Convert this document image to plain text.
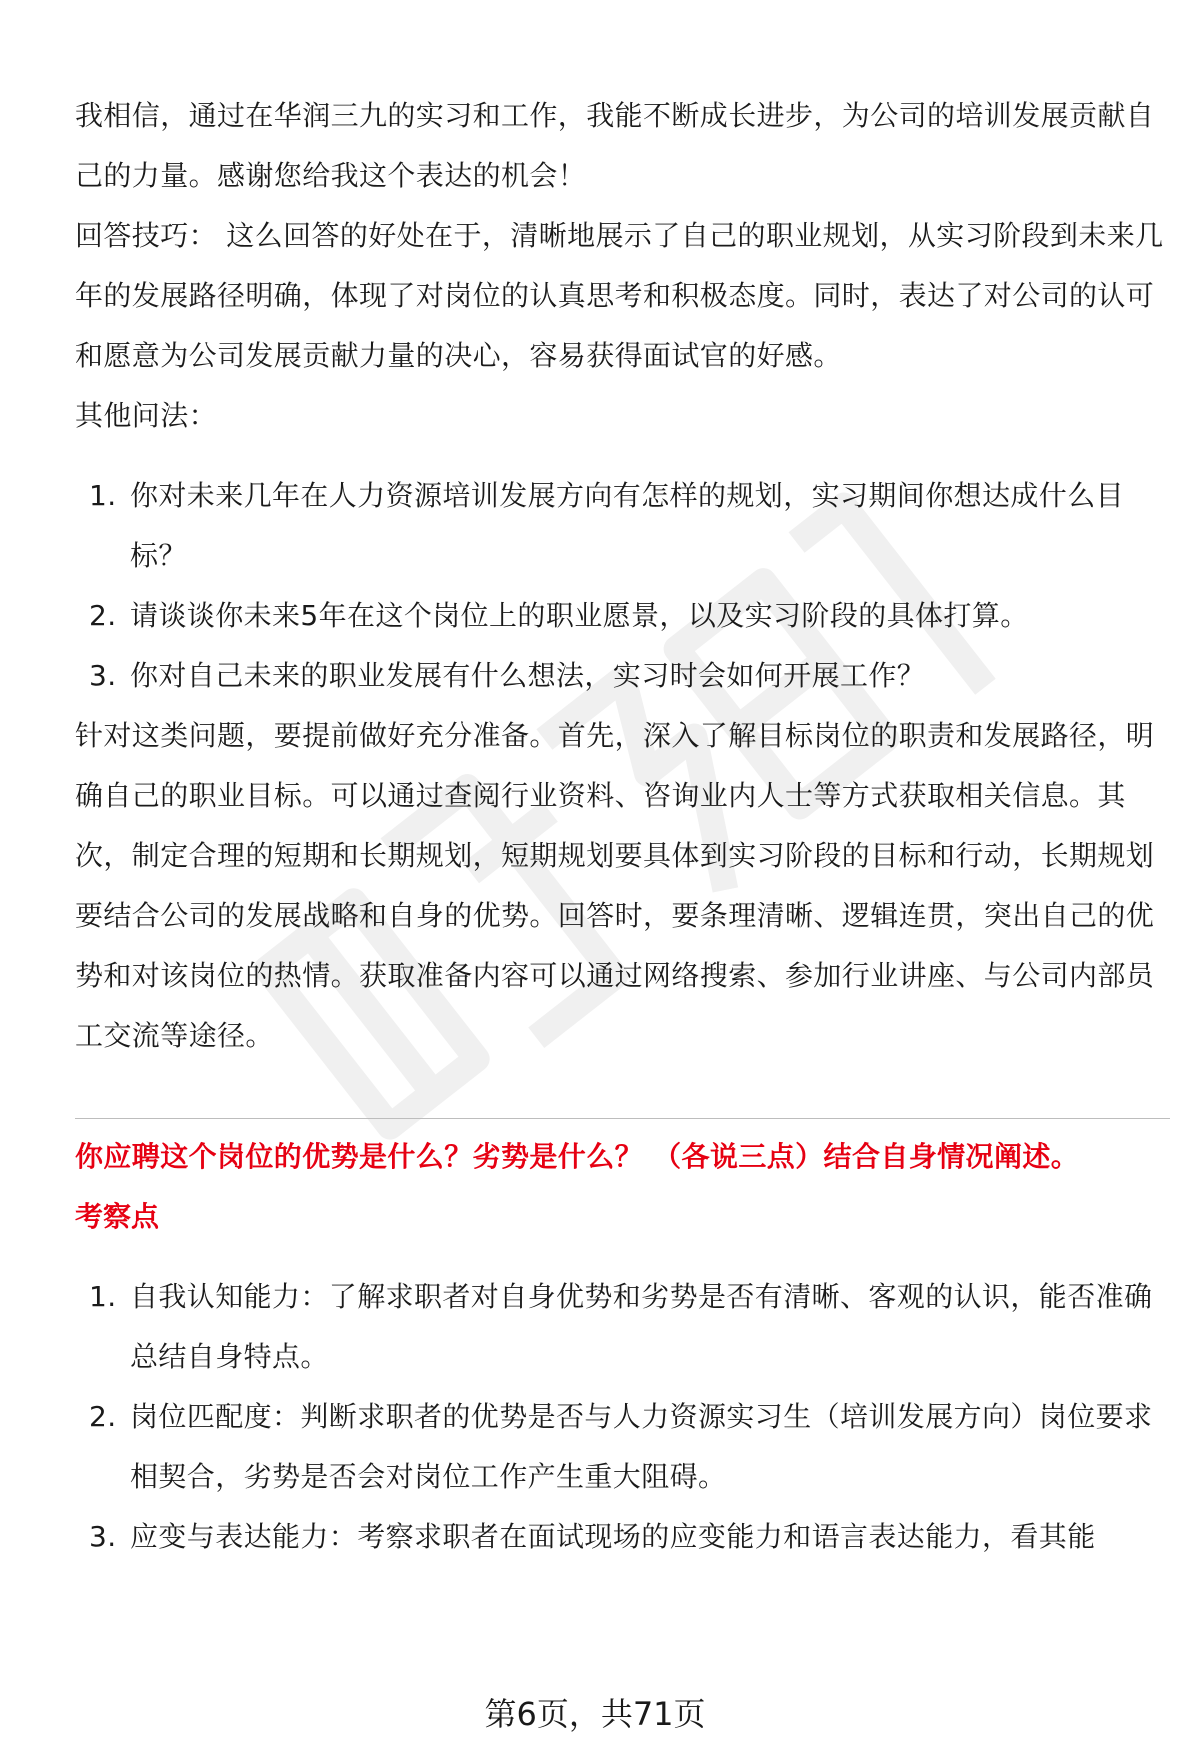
我相信，通过在华润三九的实习和工作，我能不断成长进步，为公司的培训发展贡献自己的力量。感谢您给我这个表达的机会！

回答技巧： 这么回答的好处在于，清晰地展示了自己的职业规划，从实习阶段到未来几年的发展路径明确，体现了对岗位的认真思考和积极态度。同时，表达了对公司的认可和愿意为公司发展贡献力量的决心，容易获得面试官的好感。

其他问法：

1. 你对未来几年在人力资源培训发展方向有怎样的规划，实习期间你想达成什么目标？
2. 请谈谈你未来5年在这个岗位上的职业愿景，以及实习阶段的具体打算。
3. 你对自己未来的职业发展有什么想法，实习时会如何开展工作？

针对这类问题，要提前做好充分准备。首先，深入了解目标岗位的职责和发展路径，明确自己的职业目标。可以通过查阅行业资料、咨询业内人士等方式获取相关信息。其次，制定合理的短期和长期规划，短期规划要具体到实习阶段的目标和行动，长期规划要结合公司的发展战略和自身的优势。回答时，要条理清晰、逻辑连贯，突出自己的优势和对该岗位的热情。获取准备内容可以通过网络搜索、参加行业讲座、与公司内部员工交流等途径。

你应聘这个岗位的优势是什么？劣势是什么？ （各说三点）结合自身情况阐述。

考察点

1. 自我认知能力：了解求职者对自身优势和劣势是否有清晰、客观的认识，能否准确总结自身特点。
2. 岗位匹配度：判断求职者的优势是否与人力资源实习生（培训发展方向）岗位要求相契合，劣势是否会对岗位工作产生重大阻碍。
3. 应变与表达能力：考察求职者在面试现场的应变能力和语言表达能力，看其能
第6页，共71页
